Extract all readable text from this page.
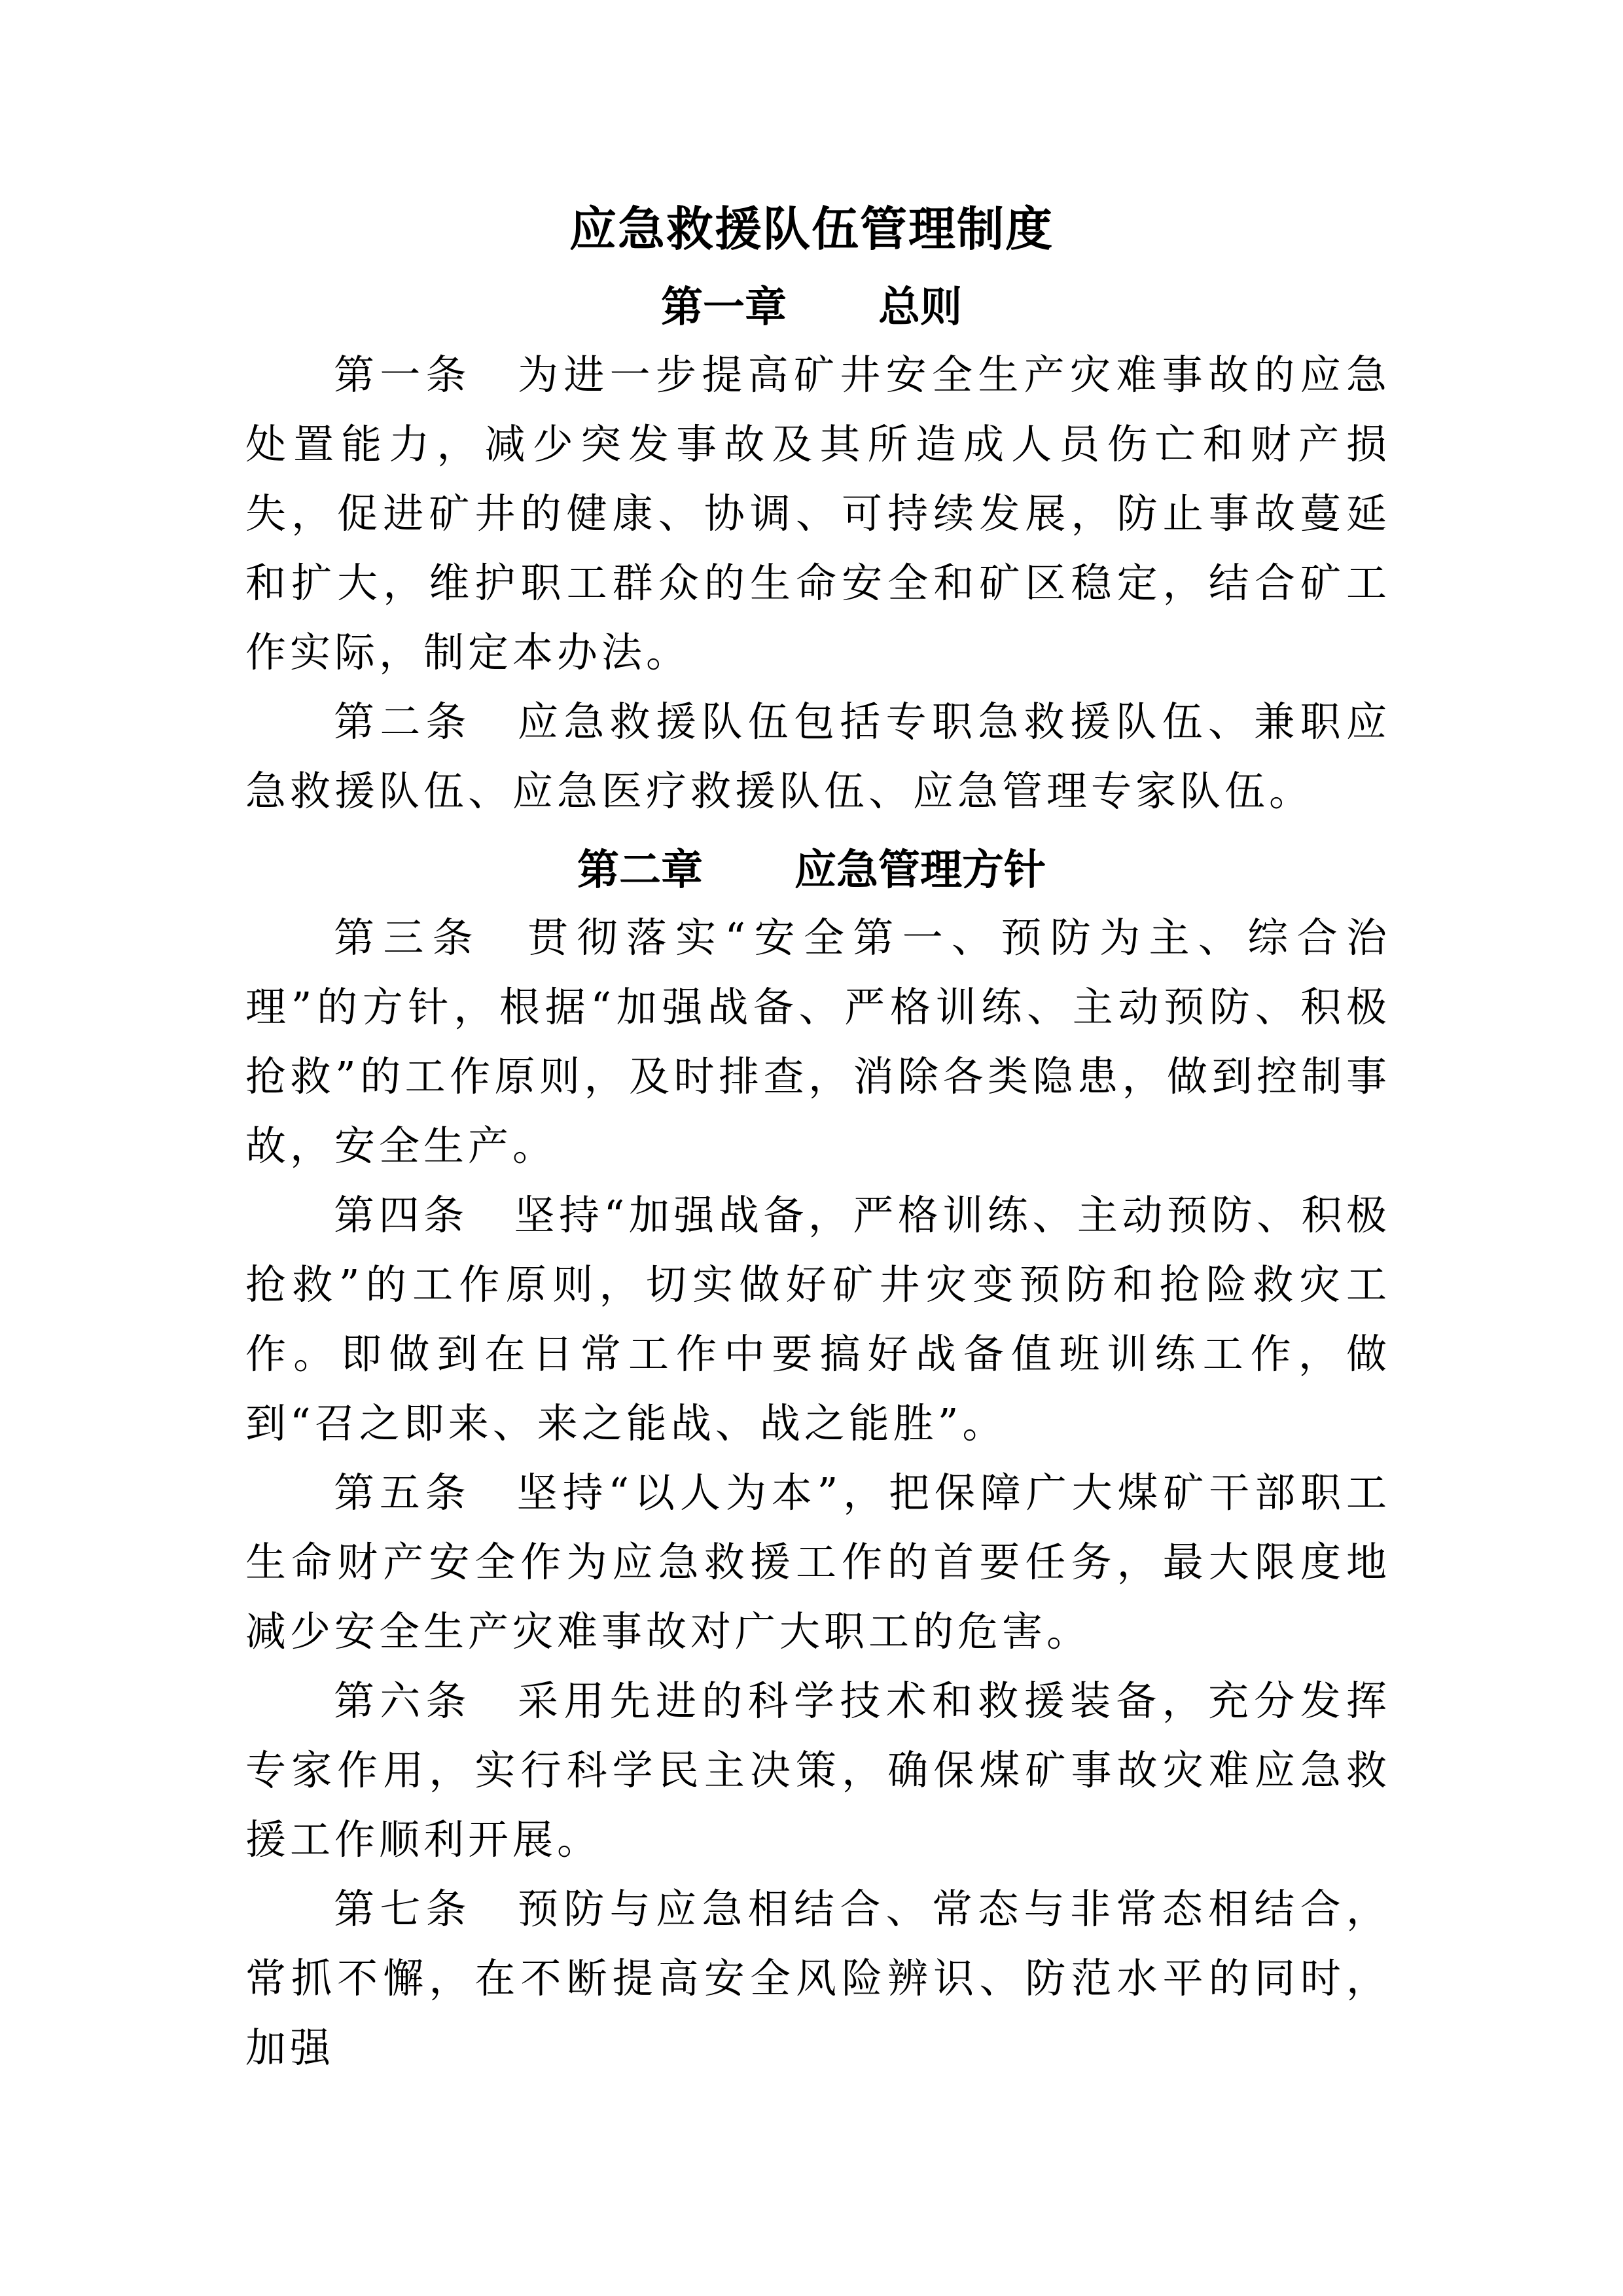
应急救援队伍管理制度
第一章 总则

第一条 为进一步提高矿井安全生产灾难事故的应急处置能力，减少突发事故及其所造成人员伤亡和财产损失，促进矿井的健康、协调、可持续发展，防止事故蔓延和扩大，维护职工群众的生命安全和矿区稳定，结合矿工作实际，制定本办法。

第二条 应急救援队伍包括专职急救援队伍、兼职应急救援队伍、应急医疗救援队伍、应急管理专家队伍。

第二章 应急管理方针

第三条 贯彻落实“安全第一、预防为主、综合治理”的方针，根据“加强战备、严格训练、主动预防、积极抢救”的工作原则，及时排查，消除各类隐患，做到控制事故，安全生产。

第四条 坚持“加强战备，严格训练、主动预防、积极抢救”的工作原则，切实做好矿井灾变预防和抢险救灾工作。即做到在日常工作中要搞好战备值班训练工作，做到“召之即来、来之能战、战之能胜”。

第五条 坚持“以人为本”，把保障广大煤矿干部职工生命财产安全作为应急救援工作的首要任务，最大限度地减少安全生产灾难事故对广大职工的危害。

第六条 采用先进的科学技术和救援装备，充分发挥专家作用，实行科学民主决策，确保煤矿事故灾难应急救援工作顺利开展。

第七条 预防与应急相结合、常态与非常态相结合，常抓不懈，在不断提高安全风险辨识、防范水平的同时，加强
